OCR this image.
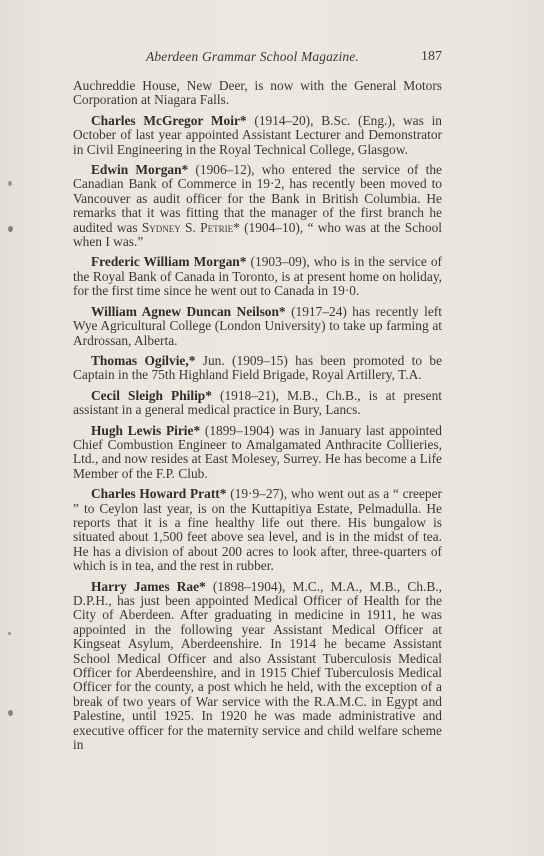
Aberdeen Grammar School Magazine.	187

Auchreddie House, New Deer, is now with the General Motors Corporation at Niagara Falls.

Charles McGregor Moir* (1914–20), B.Sc. (Eng.), was in October of last year appointed Assistant Lecturer and Demonstrator in Civil Engineering in the Royal Technical College, Glasgow.

Edwin Morgan* (1906–12), who entered the service of the Canadian Bank of Commerce in 19·2, has recently been moved to Vancouver as audit officer for the Bank in British Columbia. He remarks that it was fitting that the manager of the first branch he audited was Sydney S. Petrie* (1904–10), “ who was at the School when I was.”

Frederic William Morgan* (1903–09), who is in the service of the Royal Bank of Canada in Toronto, is at present home on holiday, for the first time since he went out to Canada in 19·0.

William Agnew Duncan Neilson* (1917–24) has recently left Wye Agricultural College (London University) to take up farming at Ardrossan, Alberta.

Thomas Ogilvie,* Jun. (1909–15) has been promoted to be Captain in the 75th Highland Field Brigade, Royal Artillery, T.A.

Cecil Sleigh Philip* (1918–21), M.B., Ch.B., is at present assistant in a general medical practice in Bury, Lancs.

Hugh Lewis Pirie* (1899–1904) was in January last appointed Chief Combustion Engineer to Amalgamated Anthracite Collieries, Ltd., and now resides at East Molesey, Surrey. He has become a Life Member of the F.P. Club.

Charles Howard Pratt* (19·9–27), who went out as a “ creeper ” to Ceylon last year, is on the Kuttapitiya Estate, Pelmadulla. He reports that it is a fine healthy life out there. His bungalow is situated about 1,500 feet above sea level, and is in the midst of tea. He has a division of about 200 acres to look after, three-quarters of which is in tea, and the rest in rubber.

Harry James Rae* (1898–1904), M.C., M.A., M.B., Ch.B., D.P.H., has just been appointed Medical Officer of Health for the City of Aberdeen. After graduating in medicine in 1911, he was appointed in the following year Assistant Medical Officer at Kingseat Asylum, Aberdeenshire. In 1914 he became Assistant School Medical Officer and also Assistant Tuberculosis Medical Officer for Aberdeenshire, and in 1915 Chief Tuberculosis Medical Officer for the county, a post which he held, with the exception of a break of two years of War service with the R.A.M.C. in Egypt and Palestine, until 1925. In 1920 he was made administrative and executive officer for the maternity service and child welfare scheme in
